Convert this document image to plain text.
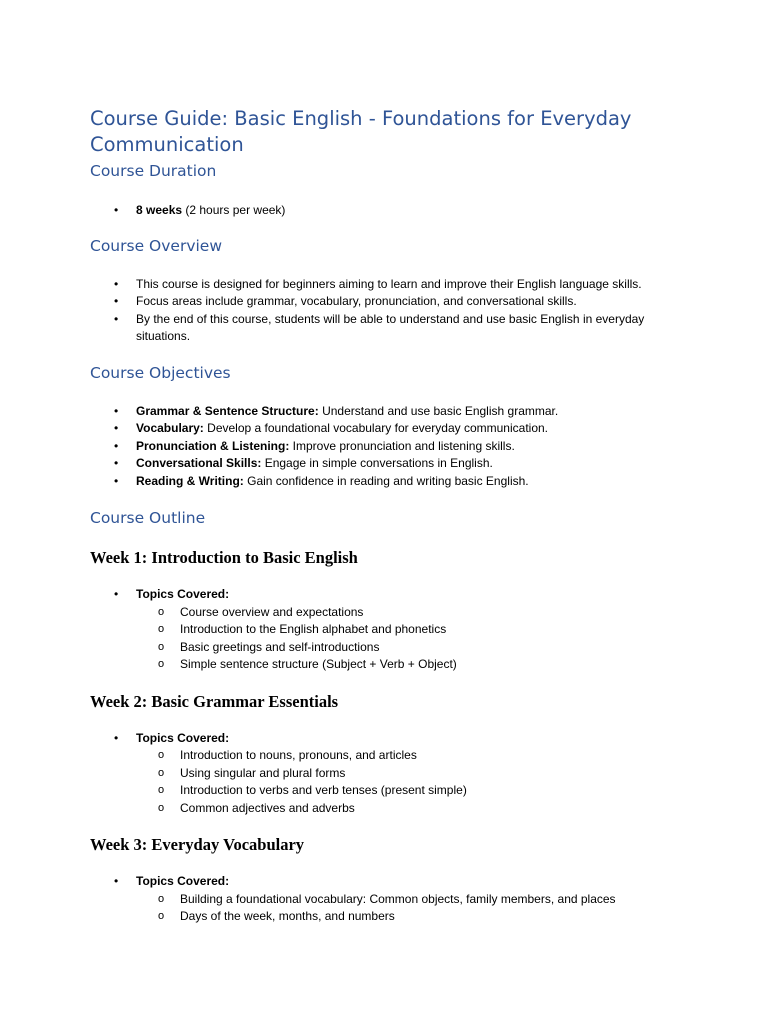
Course Guide: Basic English - Foundations for Everyday Communication
Course Duration
• 8 weeks (2 hours per week)
Course Overview
• This course is designed for beginners aiming to learn and improve their English language skills.
• Focus areas include grammar, vocabulary, pronunciation, and conversational skills.
• By the end of this course, students will be able to understand and use basic English in everyday situations.
Course Objectives
• Grammar & Sentence Structure: Understand and use basic English grammar.
• Vocabulary: Develop a foundational vocabulary for everyday communication.
• Pronunciation & Listening: Improve pronunciation and listening skills.
• Conversational Skills: Engage in simple conversations in English.
• Reading & Writing: Gain confidence in reading and writing basic English.
Course Outline
Week 1: Introduction to Basic English
• Topics Covered:
o Course overview and expectations
o Introduction to the English alphabet and phonetics
o Basic greetings and self-introductions
o Simple sentence structure (Subject + Verb + Object)
Week 2: Basic Grammar Essentials
• Topics Covered:
o Introduction to nouns, pronouns, and articles
o Using singular and plural forms
o Introduction to verbs and verb tenses (present simple)
o Common adjectives and adverbs
Week 3: Everyday Vocabulary
• Topics Covered:
o Building a foundational vocabulary: Common objects, family members, and places
o Days of the week, months, and numbers
